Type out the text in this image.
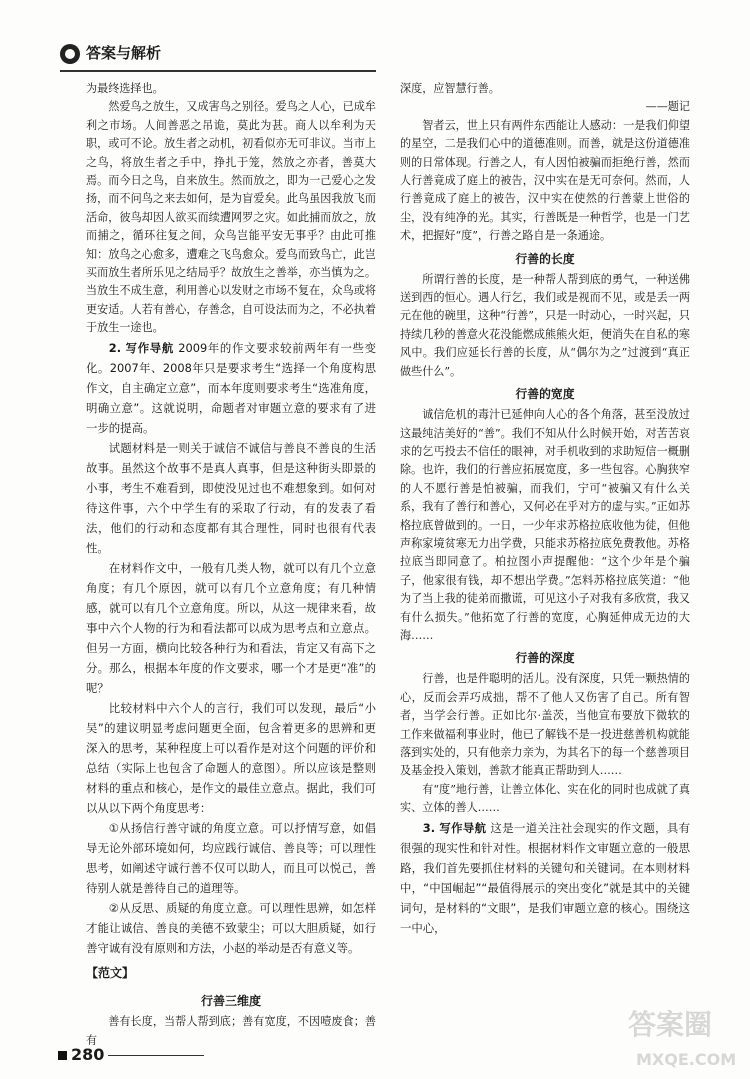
答案与解析

为最终选择也。

然爱鸟之放生，又成害鸟之别径。爱鸟之人心，已成牟利之市场。人间善恶之吊诡，莫此为甚。商人以牟利为天职，或可不论。放生者之动机，初看似亦无可非议。当市上之鸟，将放生者之手中，挣扎于笼，然放之亦者，善莫大焉。而今日之鸟，自来放生。然而放之，即为一己爱心之发扬，而不问鸟之来去如何，是为盲爱矣。此鸟虽因我放飞而活命，彼鸟却因人欲买而续遭网罗之灾。如此捕而放之，放而捕之，循环往复之间，众鸟岂能平安无事乎？由此可推知：放鸟之心愈多，遭难之飞鸟愈众。爱鸟而致鸟亡，此岂买而放生者所乐见之结局乎？故放生之善举，亦当慎为之。当放生不成生意，利用善心以发财之市场不复在，众鸟或将更安适。人若有善心，存善念，自可设法而为之，不必执着于放生一途也。

2. 写作导航 2009年的作文要求较前两年有一些变化。2007年、2008年只是要求考生“选择一个角度构思作文，自主确定立意”，而本年度则要求考生“选准角度，明确立意”。这就说明，命题者对审题立意的要求有了进一步的提高。

试题材料是一则关于诚信不诚信与善良不善良的生活故事。虽然这个故事不是真人真事，但是这种街头即景的小事，考生不难看到，即使没见过也不难想象到。如何对待这件事，六个中学生有的采取了行动，有的发表了看法，他们的行动和态度都有其合理性，同时也很有代表性。

在材料作文中，一般有几类人物，就可以有几个立意角度；有几个原因，就可以有几个立意角度；有几种情感，就可以有几个立意角度。所以，从这一规律来看，故事中六个人物的行为和看法都可以成为思考点和立意点。但另一方面，横向比较各种行为和看法，肯定又有高下之分。那么，根据本年度的作文要求，哪一个才是更“准”的呢？

比较材料中六个人的言行，我们可以发现，最后“小吴”的建议明显考虑问题更全面，包含着更多的思辨和更深入的思考，某种程度上可以看作是对这个问题的评价和总结（实际上也包含了命题人的意图）。所以应该是整则材料的重点和核心，是作文的最佳立意点。据此，我们可以从以下两个角度思考：

①从扬信行善守诚的角度立意。可以抒情写意，如倡导无论外部环境如何，均应践行诚信、善良等；可以理性思考，如阐述守诚行善不仅可以助人，而且可以悦己，善待别人就是善待自己的道理等。

②从反思、质疑的角度立意。可以理性思辨，如怎样才能让诚信、善良的美德不致蒙尘；可以大胆质疑，如行善守诚有没有原则和方法，小赵的举动是否有意义等。

【范文】

行善三维度

善有长度，当帮人帮到底；善有宽度，不因噎废食；善有

深度，应智慧行善。

——题记

智者云，世上只有两件东西能让人感动：一是我们仰望的星空，二是我们心中的道德准则。而善，就是这份道德准则的日常体现。行善之人，有人因怕被骗而拒绝行善，然而人行善竟成了庭上的被告，汉中实在是无可奈何。然而，人行善竟成了庭上的被告，汉中实在使然的行善蒙上世俗的尘，没有纯净的光。其实，行善既是一种哲学，也是一门艺术，把握好“度”，行善之路自是一条通途。

行善的长度

所谓行善的长度，是一种帮人帮到底的勇气，一种送佛送到西的恒心。遇人行乞，我们或是视而不见，或是丢一两元在他的碗里，这种“行善”，只是一时动心，一时兴起，只持续几秒的善意火花没能燃成熊熊火炬，便消失在自私的寒风中。我们应延长行善的长度，从“偶尔为之”过渡到“真正做些什么”。

行善的宽度

诚信危机的毒汁已延伸向人心的各个角落，甚至没放过这最纯洁美好的“善”。我们不知从什么时候开始，对苦苦哀求的乞丐投去不信任的眼神，对手机收到的求助短信一概删除。也许，我们的行善应拓展宽度，多一些包容。心胸狭窄的人不愿行善是怕被骗，而我们，宁可“被骗又有什么关系，我有了善行和善心，又何必在乎对方的虚与实。”正如苏格拉底曾做到的。一日，一少年求苏格拉底收他为徒，但他声称家境贫寒无力出学费，只能求苏格拉底免费教他。苏格拉底当即同意了。柏拉图小声提醒他：“这个少年是个骗子，他家很有钱，却不想出学费。”怎料苏格拉底笑道：“他为了当上我的徒弟而撒谎，可见这小子对我有多欣赏，我又有什么损失。”他拓宽了行善的宽度，心胸延伸成无边的大海……

行善的深度

行善，也是件聪明的活儿。没有深度，只凭一颗热情的心，反而会弄巧成拙，帮不了他人又伤害了自己。所有智者，当学会行善。正如比尔·盖茨，当他宣布要放下微软的工作来做福利事业时，他已了解钱不是一投进慈善机构就能落到实处的，只有他亲力亲为，为其名下的每一个慈善项目及基金投入策划，善款才能真正帮助到人……

有“度”地行善，让善立体化、实在化的同时也成就了真实、立体的善人……

3. 写作导航 这是一道关注社会现实的作文题，具有很强的现实性和针对性。根据材料作文审题立意的一般思路，我们首先要抓住材料的关键句和关键词。在本则材料中，“中国崛起”“最值得展示的突出变化”就是其中的关键词句，是材料的“文眼”，是我们审题立意的核心。围绕这一中心，

280
答案圈
MXQE.COM
